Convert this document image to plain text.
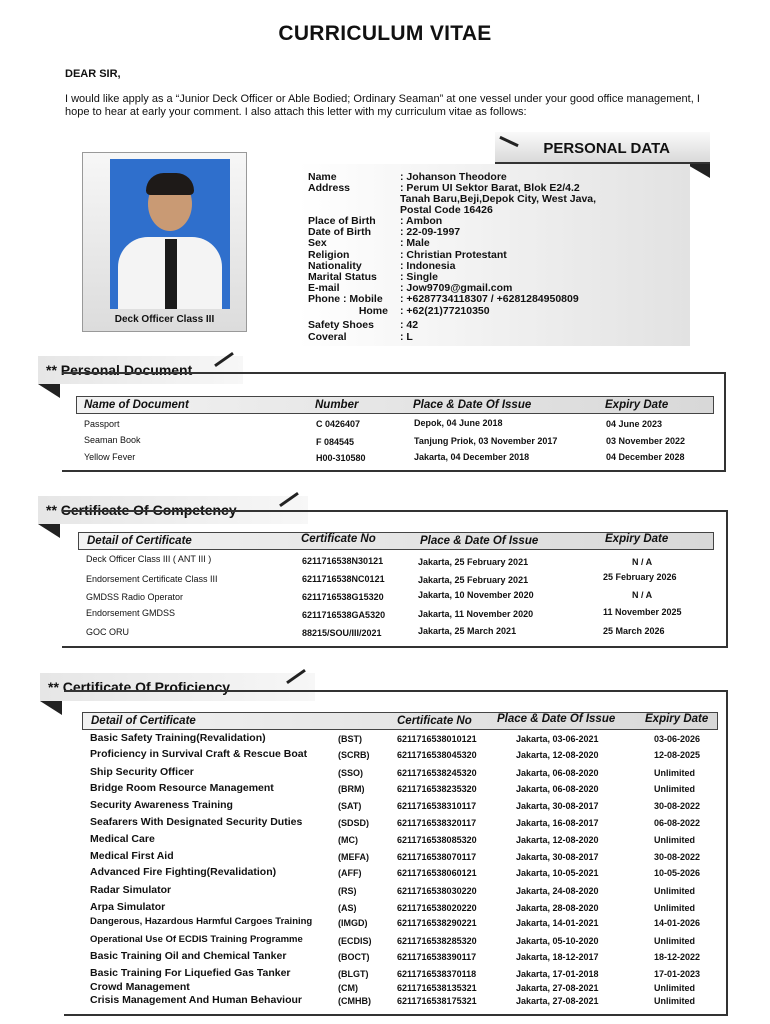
CURRICULUM VITAE
DEAR SIR,
I would like apply as a “Junior Deck Officer or Able Bodied; Ordinary Seaman” at one vessel under your good office management, I hope to hear at early your comment. I also attach this letter with my curriculum vitae as follows:
PERSONAL DATA
Deck Officer Class III
Name	: Johanson Theodore
Address	: Perum UI Sektor Barat, Blok E2/4.2
Tanah Baru,Beji,Depok City, West Java,
Postal Code 16426
Place of Birth	: Ambon
Date of Birth	: 22-09-1997
Sex	: Male
Religion	: Christian Protestant
Nationality	: Indonesia
Marital Status	: Single
E-mail	: Jow9709@gmail.com
Phone : Mobile	: +6287734118307 / +6281284950809
Home : +62(21)77210350
Safety Shoes	: 42
Coveral	: L
** Personal Document
Name of Document	Number	Place & Date Of Issue	Expiry Date
Passport	C 0426407	Depok, 04 June 2018	04 June 2023
Seaman Book	F 084545	Tanjung Priok, 03 November 2017	03 November 2022
Yellow Fever	H00-310580	Jakarta, 04 December 2018	04 December 2028
** Certificate Of Competency
Detail of Certificate	Certificate No	Place & Date Of Issue	Expiry Date
Deck Officer Class III ( ANT III )	6211716538N30121	Jakarta, 25 February 2021	N / A
Endorsement Certificate Class III	6211716538NC0121	Jakarta, 25 February 2021	25 February 2026
GMDSS Radio Operator	6211716538G15320	Jakarta, 10 November 2020	N / A
Endorsement GMDSS	6211716538GA5320	Jakarta, 11 November 2020	11 November 2025
GOC ORU	88215/SOU/III/2021	Jakarta, 25 March 2021	25 March 2026
** Certificate Of Proficiency
Detail of Certificate	Certificate No Place & Date Of Issue	Expiry Date
Basic Safety Training(Revalidation)	(BST)	6211716538010121	Jakarta, 03-06-2021	03-06-2026
Proficiency in Survival Craft & Rescue Boat	(SCRB)	6211716538045320	Jakarta, 12-08-2020	12-08-2025
Ship Security Officer	(SSO)	6211716538245320	Jakarta, 06-08-2020	Unlimited
Bridge Room Resource Management	(BRM)	6211716538235320	Jakarta, 06-08-2020	Unlimited
Security Awareness Training	(SAT)	6211716538310117	Jakarta, 30-08-2017	30-08-2022
Seafarers With Designated Security Duties	(SDSD)	6211716538320117	Jakarta, 16-08-2017	06-08-2022
Medical Care	(MC)	6211716538085320	Jakarta, 12-08-2020	Unlimited
Medical First Aid	(MEFA)	6211716538070117	Jakarta, 30-08-2017	30-08-2022
Advanced Fire Fighting(Revalidation)	(AFF)	6211716538060121	Jakarta, 10-05-2021	10-05-2026
Radar Simulator	(RS)	6211716538030220	Jakarta, 24-08-2020	Unlimited
Arpa Simulator	(AS)	6211716538020220	Jakarta, 28-08-2020	Unlimited
Dangerous, Hazardous Harmful Cargoes Training	(IMGD)	6211716538290221	Jakarta, 14-01-2021	14-01-2026
Operational Use Of ECDIS Training Programme	(ECDIS)	6211716538285320	Jakarta, 05-10-2020	Unlimited
Basic Training Oil and Chemical Tanker	(BOCT)	6211716538390117	Jakarta, 18-12-2017	18-12-2022
Basic Training For Liquefied Gas Tanker	(BLGT)	6211716538370118	Jakarta, 17-01-2018	17-01-2023
Crowd Management	(CM)	6211716538135321	Jakarta, 27-08-2021	Unlimited
Crisis Management And Human Behaviour	(CMHB)	6211716538175321	Jakarta, 27-08-2021	Unlimited
